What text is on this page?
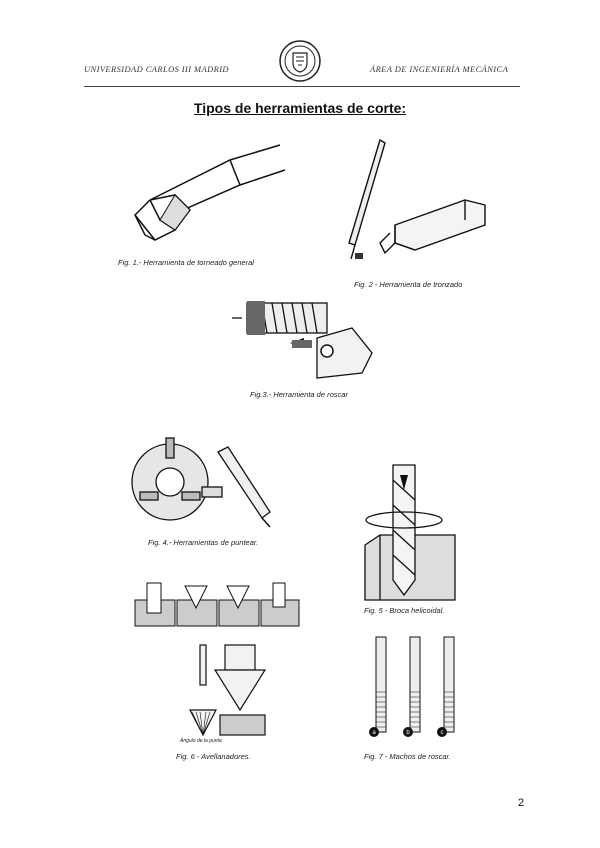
UNIVERSIDAD CARLOS III MADRID	ÁREA DE INGENIERÍA MECÁNICA
Tipos de herramientas de corte:
Fig. 1.- Herramienta de torneado general
Fig. 2 - Herramienta de tronzado
Fig.3.- Herramienta de roscar
Fig. 4.- Herramientas de puntear.
Fig. 5 - Broca helicoidal.
Ángulo de la punta
Fig. 6 - Avellanadores.
a	b	c
Fig. 7 - Machos de roscar.
2
